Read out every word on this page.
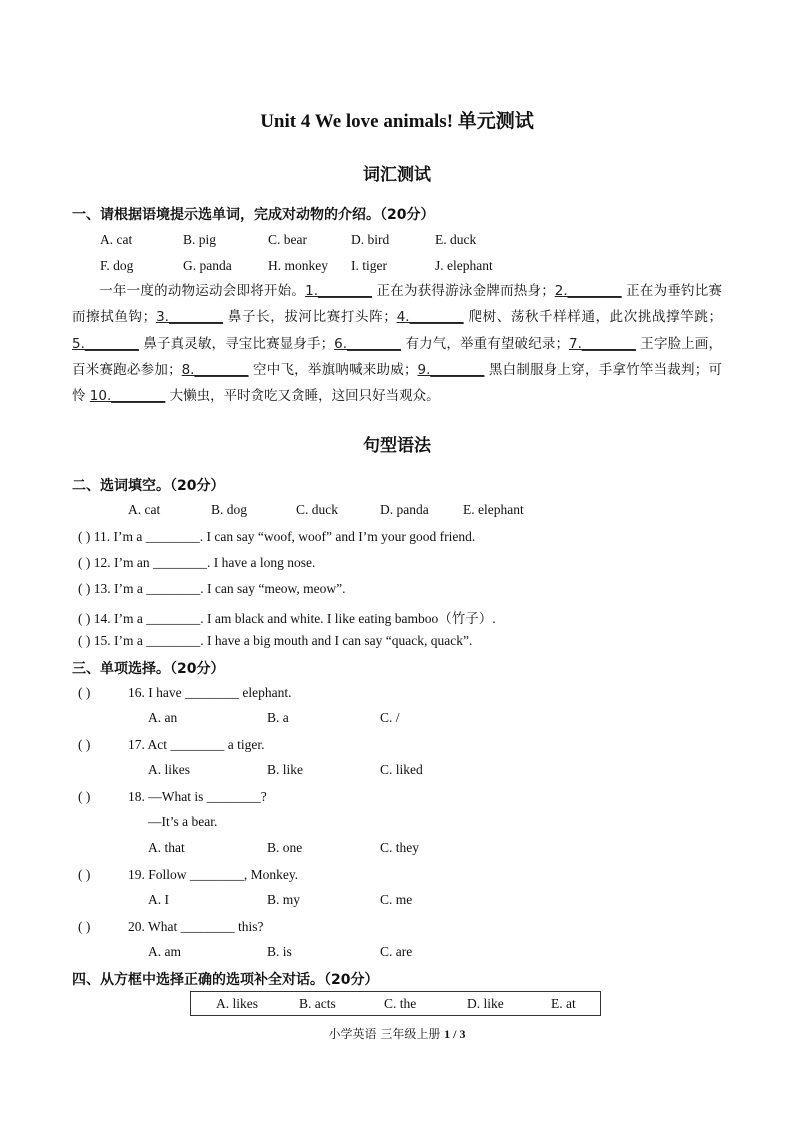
Unit 4 We love animals! 单元测试
词汇测试
一、请根据语境提示选单词，完成对动物的介绍。（20分）
A. cat	B. pig	C. bear	D. bird	E. duck
F. dog	G. panda	H. monkey I. tiger	J. elephant
一年一度的动物运动会即将开始。1.________ 正在为获得游泳金牌而热身；2.________ 正在为垂钓比赛而擦拭鱼钩；3.________ 鼻子长，拔河比赛打头阵；4.________ 爬树、荡秋千样样通，此次挑战撑竿跳；5.________ 鼻子真灵敏，寻宝比赛显身手；6.________ 有力气，举重有望破纪录；7.________ 王字脸上画，百米赛跑必参加；8.________ 空中飞，举旗呐喊来助威；9.________ 黑白制服身上穿，手拿竹竿当裁判；可怜 10.________ 大懒虫，平时贪吃又贪睡，这回只好当观众。
句型语法
二、选词填空。（20分）
A. cat	B. dog	C. duck	D. panda	E. elephant
( ) 11. I’m a ________. I can say “woof, woof” and I’m your good friend.
( ) 12. I’m an ________. I have a long nose.
( ) 13. I’m a ________. I can say “meow, meow”.
( ) 14. I’m a ________. I am black and white. I like eating bamboo（竹子）.
( ) 15. I’m a ________. I have a big mouth and I can say “quack, quack”.
三、单项选择。（20分）
( )	16. I have ________ elephant.
A. an	B. a	C. /
( )	17. Act ________ a tiger.
A. likes	B. like	C. liked
( )	18. —What is ________?
—It’s a bear.
A. that	B. one	C. they
( )	19. Follow ________, Monkey.
A. I	B. my	C. me
( )	20. What ________ this?
A. am	B. is	C. are
四、从方框中选择正确的选项补全对话。（20分）
A. likes	B. acts	C. the	D. like	E. at
小学英语 三年级上册 1 / 3
